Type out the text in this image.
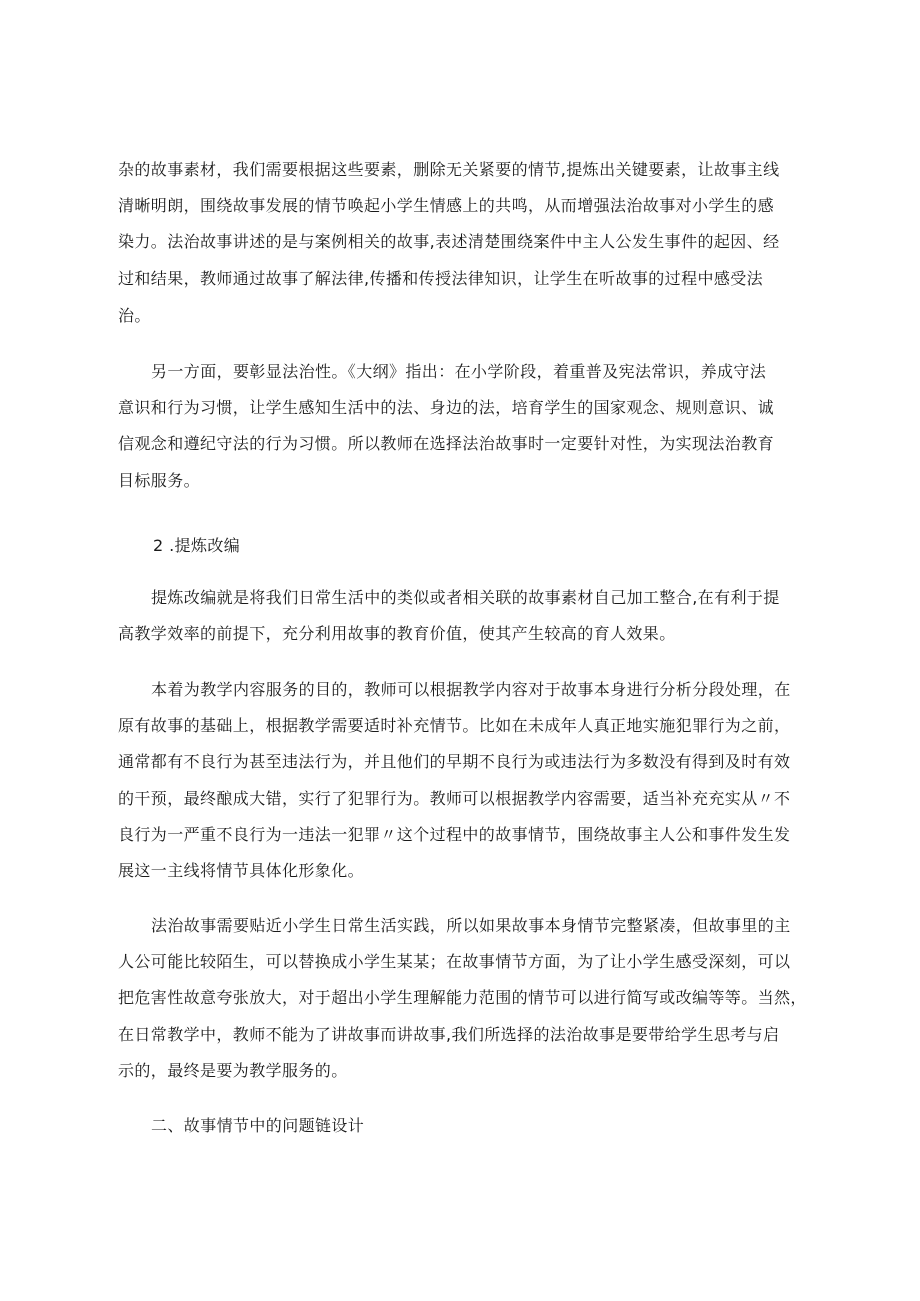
杂的故事素材，我们需要根据这些要素，删除无关紧要的情节,提炼出关键要素，让故事主线
清晰明朗，围绕故事发展的情节唤起小学生情感上的共鸣，从而增强法治故事对小学生的感
染力。法治故事讲述的是与案例相关的故事,表述清楚围绕案件中主人公发生事件的起因、经
过和结果，教师通过故事了解法律,传播和传授法律知识，让学生在听故事的过程中感受法
治。
另一方面，要彰显法治性。《大纲》指出：在小学阶段，着重普及宪法常识，养成守法
意识和行为习惯，让学生感知生活中的法、身边的法，培育学生的国家观念、规则意识、诚
信观念和遵纪守法的行为习惯。所以教师在选择法治故事时一定要针对性，为实现法治教育
目标服务。
2 .提炼改编
提炼改编就是将我们日常生活中的类似或者相关联的故事素材自己加工整合,在有利于提
高教学效率的前提下，充分利用故事的教育价值，使其产生较高的育人效果。
本着为教学内容服务的目的，教师可以根据教学内容对于故事本身进行分析分段处理，在
原有故事的基础上，根据教学需要适时补充情节。比如在未成年人真正地实施犯罪行为之前，
通常都有不良行为甚至违法行为，并且他们的早期不良行为或违法行为多数没有得到及时有效
的干预，最终酿成大错，实行了犯罪行为。教师可以根据教学内容需要，适当补充充实从〃不
良行为一严重不良行为一违法一犯罪〃这个过程中的故事情节，围绕故事主人公和事件发生发
展这一主线将情节具体化形象化。
法治故事需要贴近小学生日常生活实践，所以如果故事本身情节完整紧凑，但故事里的主
人公可能比较陌生，可以替换成小学生某某；在故事情节方面，为了让小学生感受深刻，可以
把危害性故意夸张放大，对于超出小学生理解能力范围的情节可以进行简写或改编等等。当然，
在日常教学中，教师不能为了讲故事而讲故事,我们所选择的法治故事是要带给学生思考与启
示的，最终是要为教学服务的。
二、故事情节中的问题链设计
